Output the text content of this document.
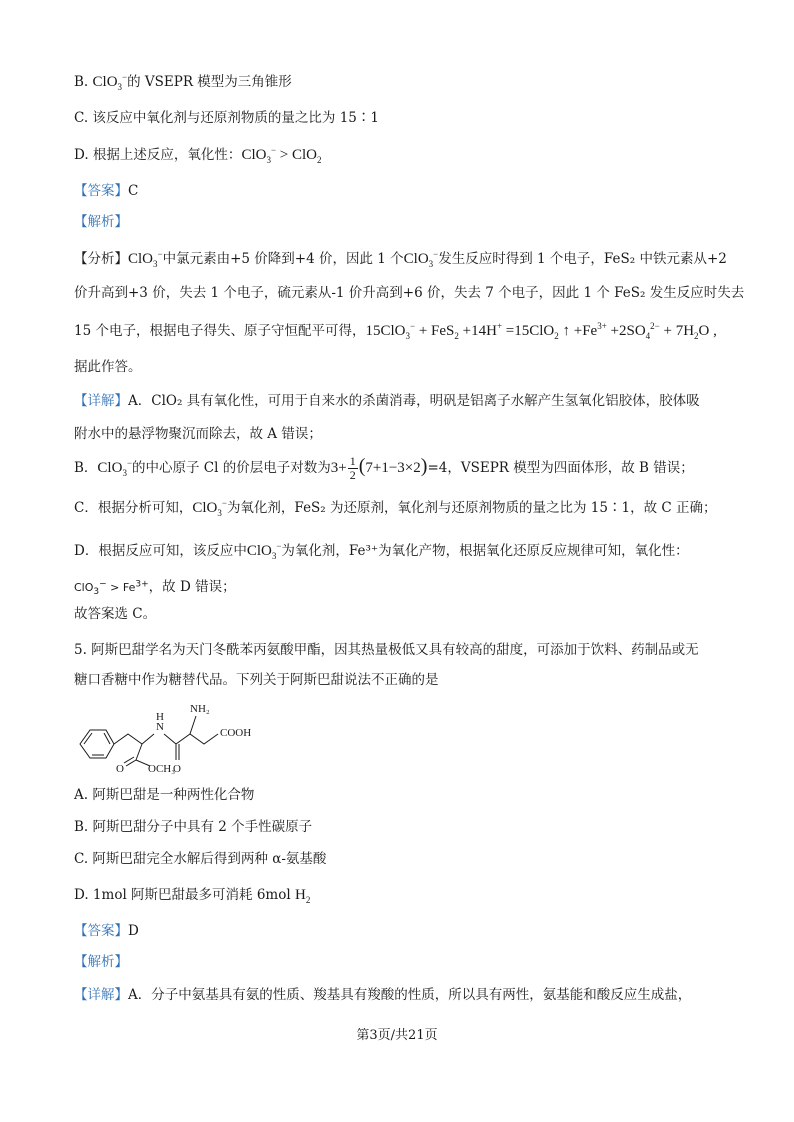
B. ClO$_3$−的 VSEPR 模型为三角锥形
C. 该反应中氧化剂与还原剂物质的量之比为 15∶1
D. 根据上述反应，氧化性：ClO$_3$− > ClO$_2$
【答案】C
【解析】
【分析】ClO$_3$−中氯元素由+5 价降到+4 价，因此 1 个ClO$_3$−发生反应时得到 1 个电子，FeS₂ 中铁元素从+2
价升高到+3 价，失去 1 个电子，硫元素从-1 价升高到+6 价，失去 7 个电子，因此 1 个 FeS₂ 发生反应时失去
15 个电子，根据电子得失、原子守恒配平可得，15ClO$_3$− + FeS$_2$ +14H+ =15ClO$_2$ ↑ $+Fe^{3+} +2SO_4^{2-} + 7H_2O$ ,
据此作答。
【详解】A．ClO₂ 具有氧化性，可用于自来水的杀菌消毒，明矾是铝离子水解产生氢氧化铝胶体，胶体吸
附水中的悬浮物聚沉而除去，故 A 错误；
B．ClO$_3$−的中心原子 Cl 的价层电子对数为$3+ \frac{1}{2} (7+1-3\times 2)=4$，VSEPR 模型为四面体形，故 B 错误；
C．根据分析可知，ClO$_3$−为氧化剂，FeS₂ 为还原剂，氧化剂与还原剂物质的量之比为 15∶1，故 C 正确；
D．根据反应可知，该反应中ClO$_3$−为氧化剂，Fe³⁺为氧化产物，根据氧化还原反应规律可知，氧化性：
$ClO_3^- > Fe^{3+}$，故 D 错误；
故答案选 C。
5. 阿斯巴甜学名为天门冬酰苯丙氨酸甲酯，因其热量极低又具有较高的甜度，可添加于饮料、药制品或无
糖口香糖中作为糖替代品。下列关于阿斯巴甜说法不正确的是
N
H
NH₂
COOH
O
O OCH₃
A. 阿斯巴甜是一种两性化合物
B. 阿斯巴甜分子中具有 2 个手性碳原子
C. 阿斯巴甜完全水解后得到两种 α-氨基酸
D. 1mol 阿斯巴甜最多可消耗 6mol $H_2$
【答案】D
【解析】
【详解】A．分子中氨基具有氨的性质、羧基具有羧酸的性质，所以具有两性，氨基能和酸反应生成盐，
第3页/共21页
